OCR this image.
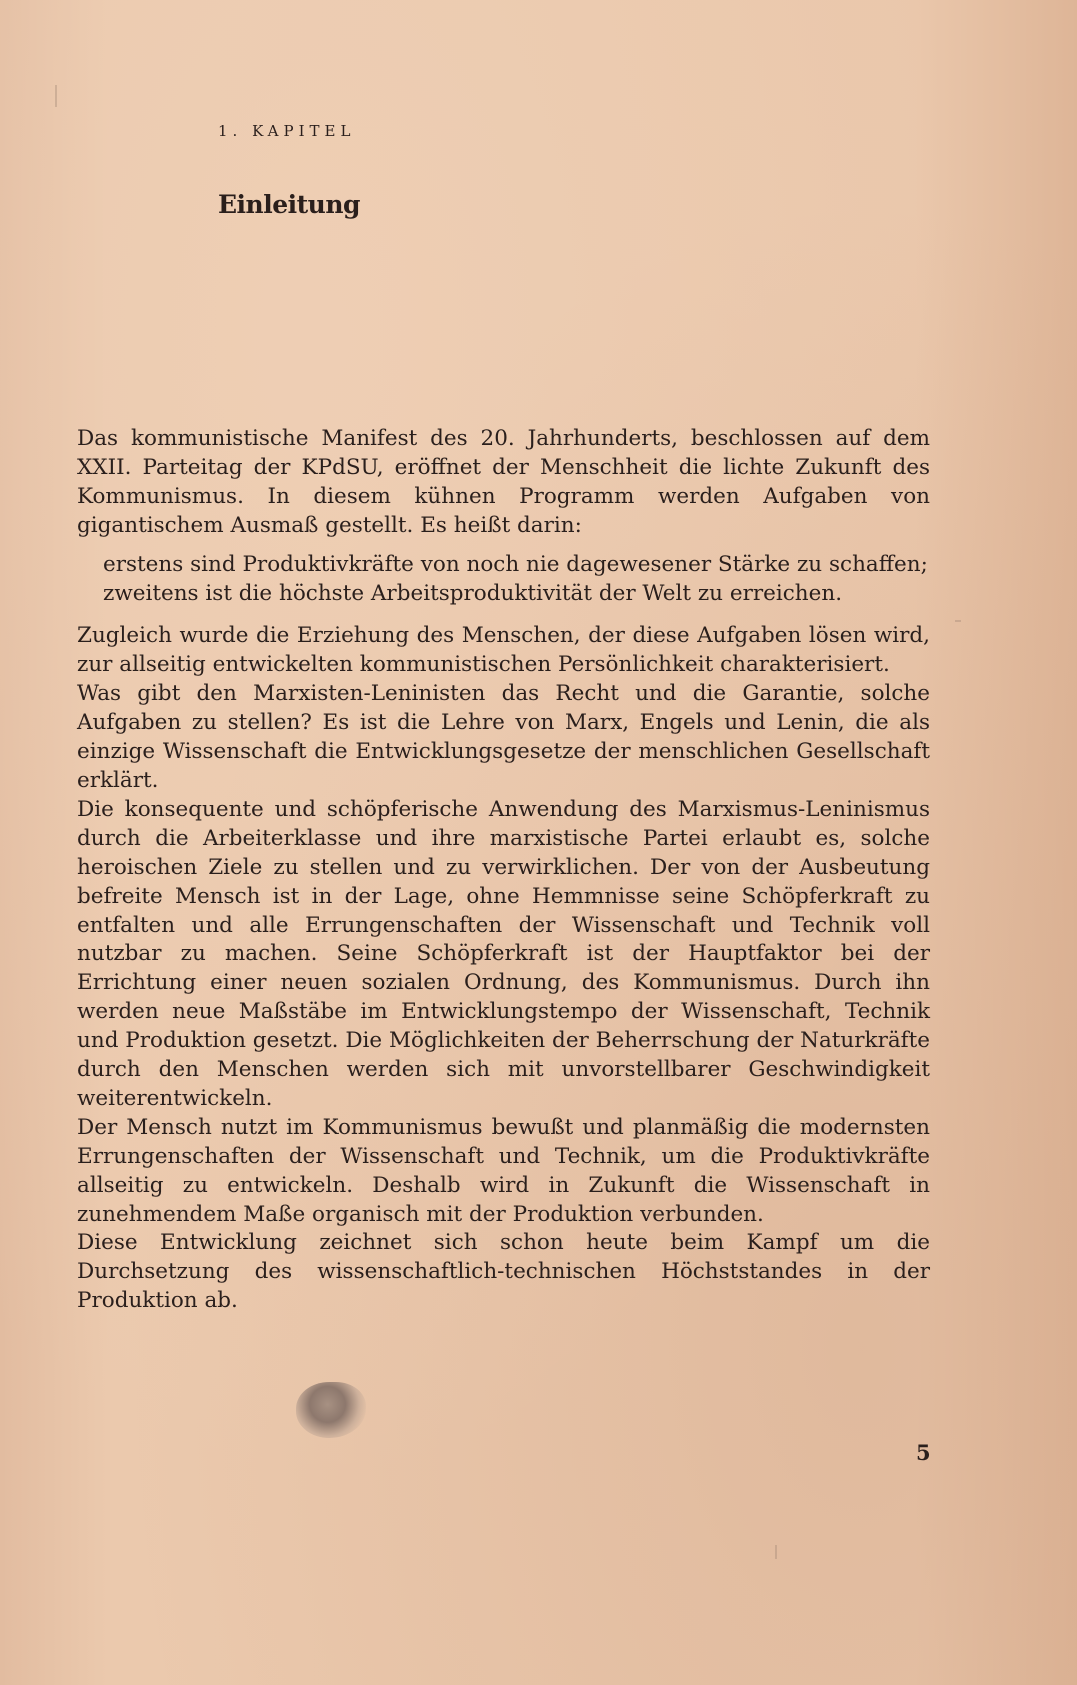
1. KAPITEL
Einleitung

Das kommunistische Manifest des 20. Jahrhunderts, beschlossen auf dem XXII. Parteitag der KPdSU, eröffnet der Menschheit die lichte Zukunft des Kommunismus. In diesem kühnen Programm werden Aufgaben von gigantischem Ausmaß gestellt. Es heißt darin:

erstens sind Produktivkräfte von noch nie dagewesener Stärke zu schaffen;

zweitens ist die höchste Arbeitsproduktivität der Welt zu erreichen.

Zugleich wurde die Erziehung des Menschen, der diese Aufgaben lösen wird, zur allseitig entwickelten kommunistischen Persönlichkeit charakterisiert.

Was gibt den Marxisten-Leninisten das Recht und die Garantie, solche Aufgaben zu stellen? Es ist die Lehre von Marx, Engels und Lenin, die als einzige Wissenschaft die Entwicklungsgesetze der menschlichen Gesellschaft erklärt.

Die konsequente und schöpferische Anwendung des Marxismus-Leninismus durch die Arbeiterklasse und ihre marxistische Partei erlaubt es, solche heroischen Ziele zu stellen und zu verwirklichen. Der von der Ausbeutung befreite Mensch ist in der Lage, ohne Hemmnisse seine Schöpferkraft zu entfalten und alle Errungenschaften der Wissenschaft und Technik voll nutzbar zu machen. Seine Schöpferkraft ist der Hauptfaktor bei der Errichtung einer neuen sozialen Ordnung, des Kommunismus. Durch ihn werden neue Maßstäbe im Entwicklungstempo der Wissenschaft, Technik und Produktion gesetzt. Die Möglichkeiten der Beherrschung der Naturkräfte durch den Menschen werden sich mit unvorstellbarer Geschwindigkeit weiterentwickeln.

Der Mensch nutzt im Kommunismus bewußt und planmäßig die modernsten Errungenschaften der Wissenschaft und Technik, um die Produktivkräfte allseitig zu entwickeln. Deshalb wird in Zukunft die Wissenschaft in zunehmendem Maße organisch mit der Produktion verbunden.

Diese Entwicklung zeichnet sich schon heute beim Kampf um die Durchsetzung des wissenschaftlich-technischen Höchststandes in der Produktion ab.

5
